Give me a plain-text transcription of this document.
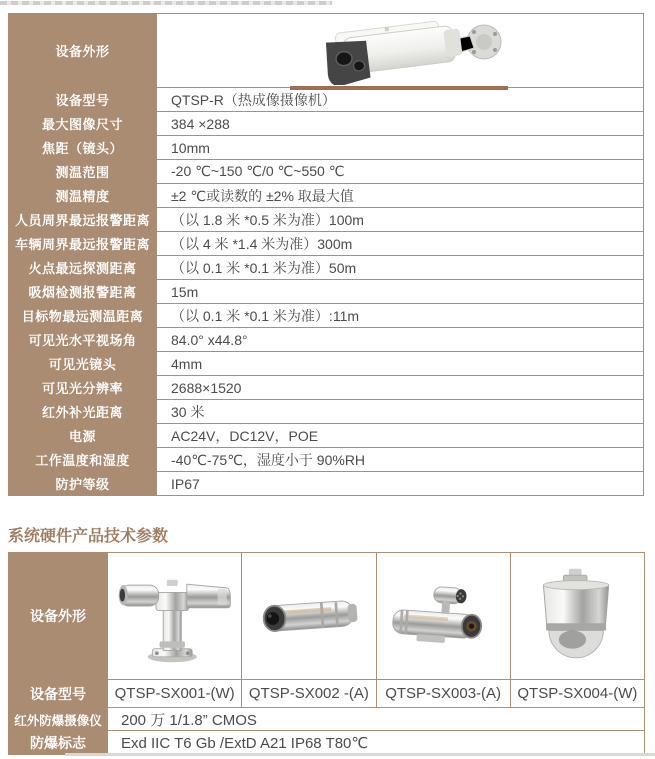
设备外形
设备型号
最大图像尺寸
焦距（镜头）
测温范围
测温精度
人员周界最远报警距离
车辆周界最远报警距离
火点最远探测距离
吸烟检测报警距离
目标物最远测温距离
可见光水平视场角
可见光镜头
可见光分辨率
红外补光距离
电源
工作温度和湿度
防护等级
QTSP-R（热成像摄像机）
384 ×288
10mm
-20 ℃~150 ℃/0 ℃~550 ℃
±2 ℃或读数的 ±2% 取最大值
（以 1.8 米 *0.5 米为准）100m
（以 4 米 *1.4 米为准）300m
（以 0.1 米 *0.1 米为准）50m
15m
（以 0.1 米 *0.1 米为准）:11m
84.0° x44.8°
4mm
2688×1520
30 米
AC24V，DC12V，POE
-40℃-75℃，湿度小于 90%RH
IP67
系统硬件产品技术参数
设备外形
设备型号
红外防爆摄像仪
防爆标志
QTSP-SX001-(W) QTSP-SX002 -(A)	QTSP-SX003-(A)	QTSP-SX004-(W)
200 万 1/1.8” CMOS
Exd IIC T6 Gb /ExtD A21 IP68 T80℃
